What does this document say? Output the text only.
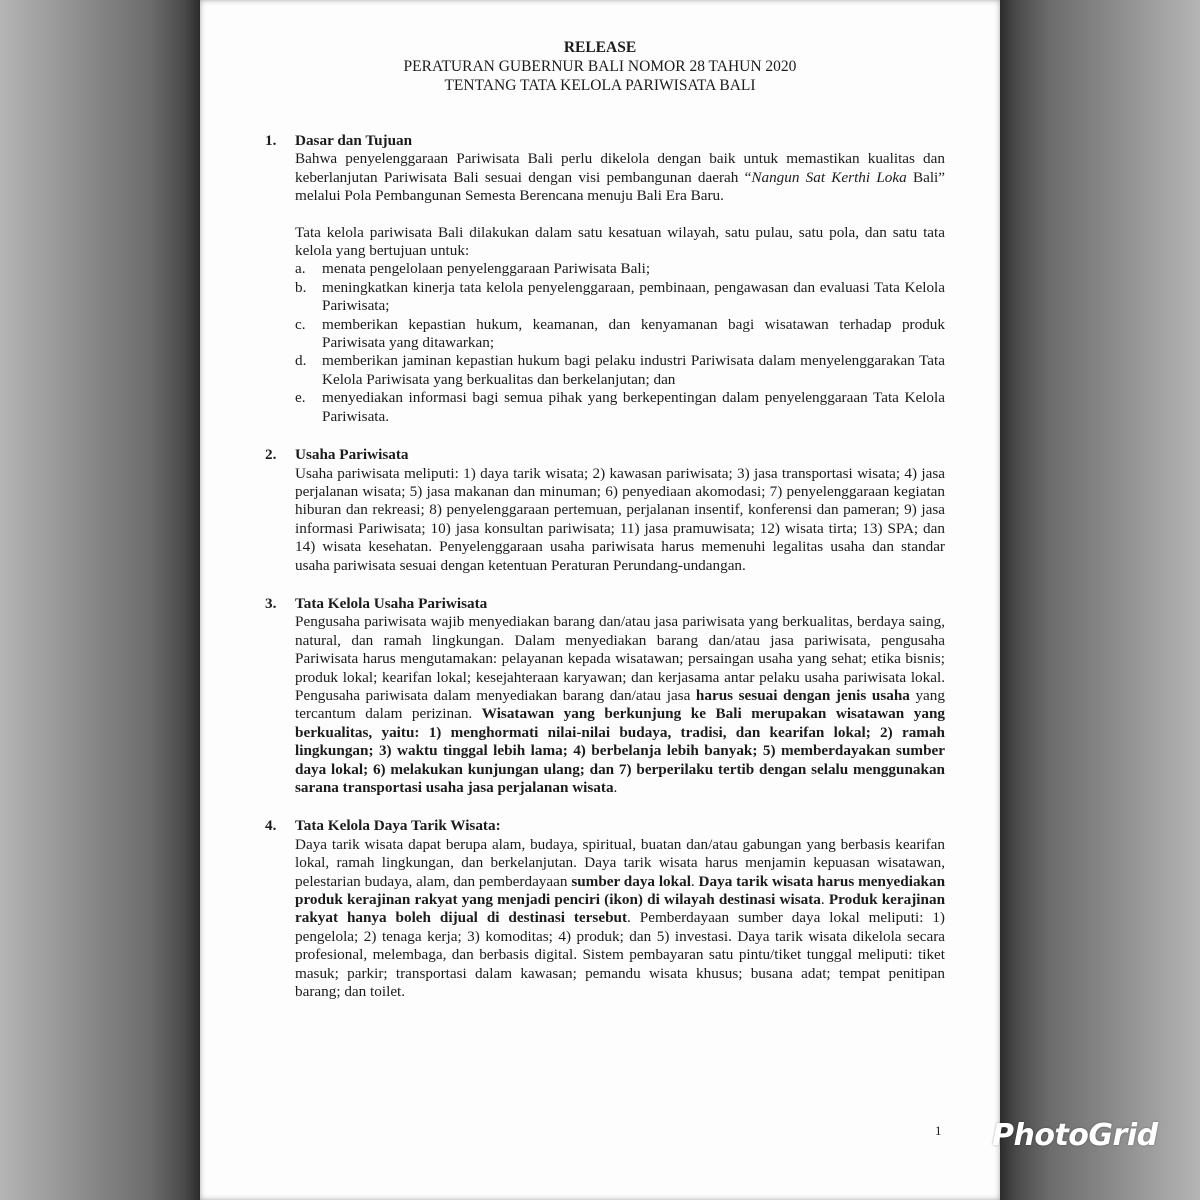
RELEASE
PERATURAN GUBERNUR BALI NOMOR 28 TAHUN 2020
TENTANG TATA KELOLA PARIWISATA BALI
1. Dasar dan Tujuan
Bahwa penyelenggaraan Pariwisata Bali perlu dikelola dengan baik untuk memastikan kualitas dan keberlanjutan Pariwisata Bali sesuai dengan visi pembangunan daerah “Nangun Sat Kerthi Loka Bali” melalui Pola Pembangunan Semesta Berencana menuju Bali Era Baru.
Tata kelola pariwisata Bali dilakukan dalam satu kesatuan wilayah, satu pulau, satu pola, dan satu tata kelola yang bertujuan untuk:
a. menata pengelolaan penyelenggaraan Pariwisata Bali;
b. meningkatkan kinerja tata kelola penyelenggaraan, pembinaan, pengawasan dan evaluasi Tata Kelola Pariwisata;
c. memberikan kepastian hukum, keamanan, dan kenyamanan bagi wisatawan terhadap produk Pariwisata yang ditawarkan;
d. memberikan jaminan kepastian hukum bagi pelaku industri Pariwisata dalam menyelenggarakan Tata Kelola Pariwisata yang berkualitas dan berkelanjutan; dan
e. menyediakan informasi bagi semua pihak yang berkepentingan dalam penyelenggaraan Tata Kelola Pariwisata.
2. Usaha Pariwisata
Usaha pariwisata meliputi: 1) daya tarik wisata; 2) kawasan pariwisata; 3) jasa transportasi wisata; 4) jasa perjalanan wisata; 5) jasa makanan dan minuman; 6) penyediaan akomodasi; 7) penyelenggaraan kegiatan hiburan dan rekreasi; 8) penyelenggaraan pertemuan, perjalanan insentif, konferensi dan pameran; 9) jasa informasi Pariwisata; 10) jasa konsultan pariwisata; 11) jasa pramuwisata; 12) wisata tirta; 13) SPA; dan 14) wisata kesehatan. Penyelenggaraan usaha pariwisata harus memenuhi legalitas usaha dan standar usaha pariwisata sesuai dengan ketentuan Peraturan Perundang-undangan.
3. Tata Kelola Usaha Pariwisata
Pengusaha pariwisata wajib menyediakan barang dan/atau jasa pariwisata yang berkualitas, berdaya saing, natural, dan ramah lingkungan. Dalam menyediakan barang dan/atau jasa pariwisata, pengusaha Pariwisata harus mengutamakan: pelayanan kepada wisatawan; persaingan usaha yang sehat; etika bisnis; produk lokal; kearifan lokal; kesejahteraan karyawan; dan kerjasama antar pelaku usaha pariwisata lokal. Pengusaha pariwisata dalam menyediakan barang dan/atau jasa harus sesuai dengan jenis usaha yang tercantum dalam perizinan. Wisatawan yang berkunjung ke Bali merupakan wisatawan yang berkualitas, yaitu: 1) menghormati nilai-nilai budaya, tradisi, dan kearifan lokal; 2) ramah lingkungan; 3) waktu tinggal lebih lama; 4) berbelanja lebih banyak; 5) memberdayakan sumber daya lokal; 6) melakukan kunjungan ulang; dan 7) berperilaku tertib dengan selalu menggunakan sarana transportasi usaha jasa perjalanan wisata.
4. Tata Kelola Daya Tarik Wisata:
Daya tarik wisata dapat berupa alam, budaya, spiritual, buatan dan/atau gabungan yang berbasis kearifan lokal, ramah lingkungan, dan berkelanjutan. Daya tarik wisata harus menjamin kepuasan wisatawan, pelestarian budaya, alam, dan pemberdayaan sumber daya lokal. Daya tarik wisata harus menyediakan produk kerajinan rakyat yang menjadi penciri (ikon) di wilayah destinasi wisata. Produk kerajinan rakyat hanya boleh dijual di destinasi tersebut. Pemberdayaan sumber daya lokal meliputi: 1) pengelola; 2) tenaga kerja; 3) komoditas; 4) produk; dan 5) investasi. Daya tarik wisata dikelola secara profesional, melembaga, dan berbasis digital. Sistem pembayaran satu pintu/tiket tunggal meliputi: tiket masuk; parkir; transportasi dalam kawasan; pemandu wisata khusus; busana adat; tempat penitipan barang; dan toilet.
1 PhotoGrid
